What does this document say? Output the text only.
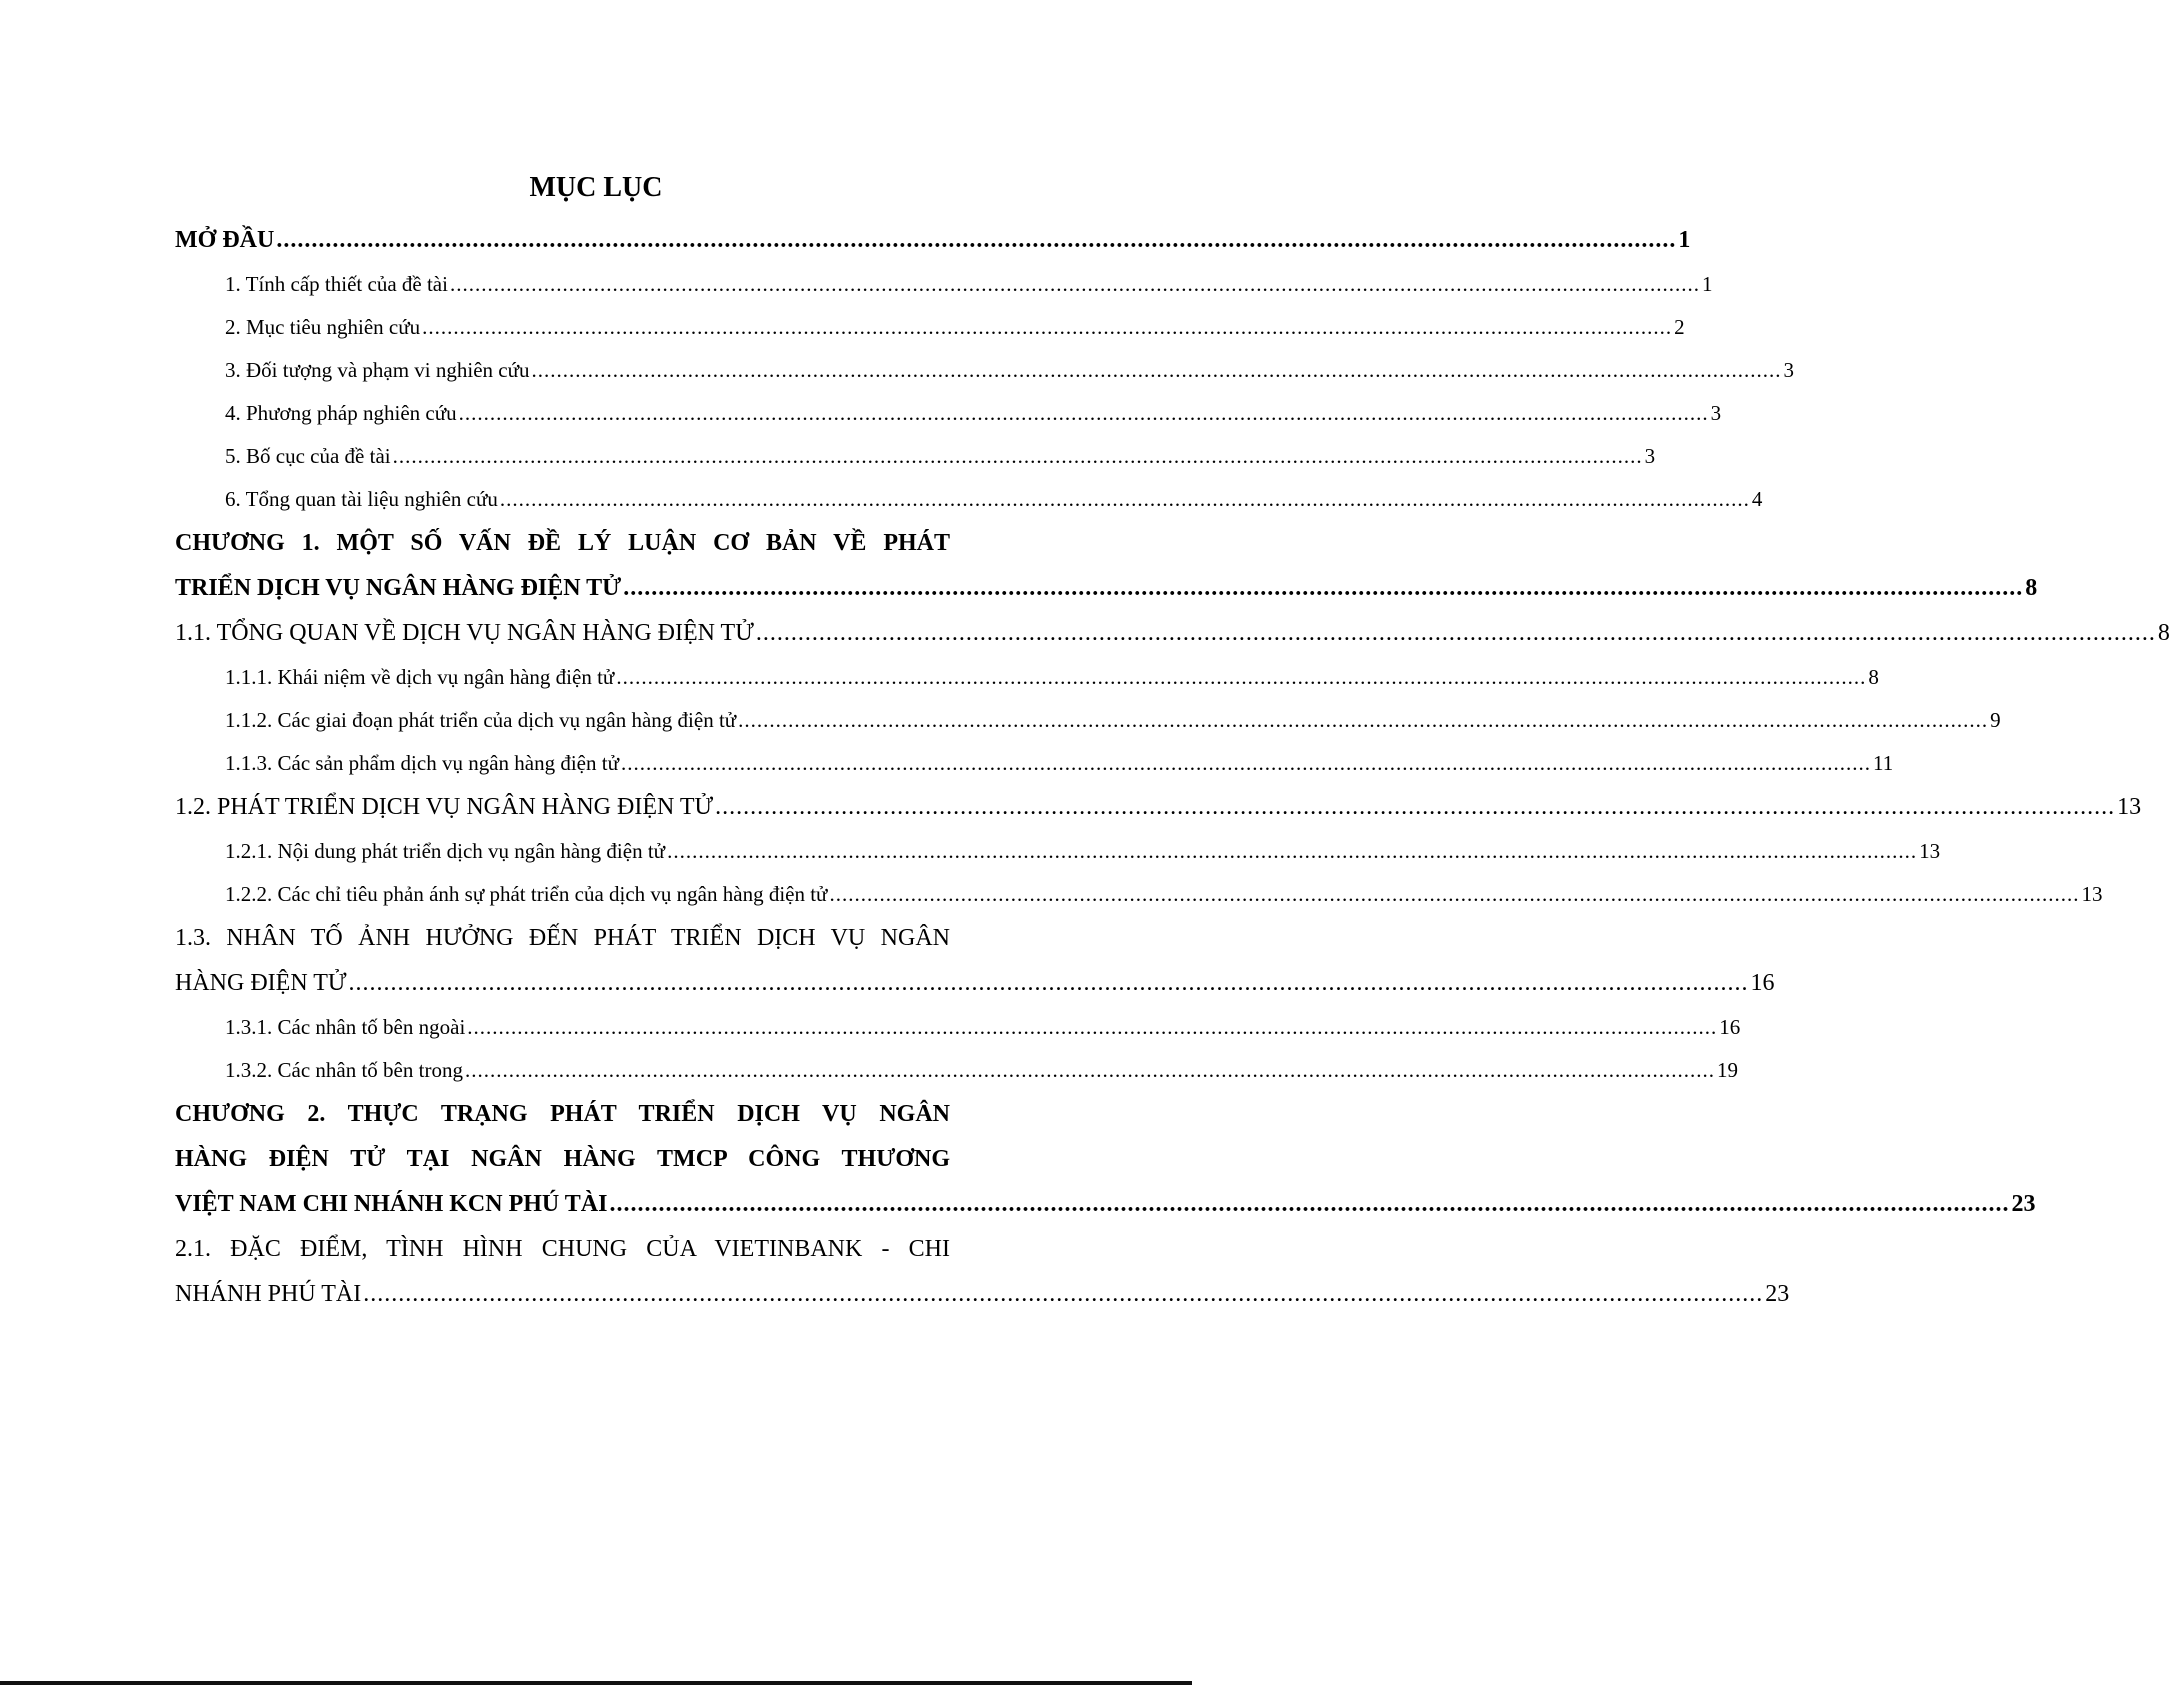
MỤC LỤC
MỞ ĐẦU ........................................................................................................................................................................................................ 1
1. Tính cấp thiết của đề tài ........................................................................................................................................................................................................ 1
2. Mục tiêu nghiên cứu ........................................................................................................................................................................................................ 2
3. Đối tượng và phạm vi nghiên cứu ........................................................................................................................................................................................................ 3
4. Phương pháp nghiên cứu ........................................................................................................................................................................................................ 3
5. Bố cục của đề tài ........................................................................................................................................................................................................ 3
6. Tổng quan tài liệu nghiên cứu ........................................................................................................................................................................................................ 4
CHƯƠNG 1. MỘT SỐ VẤN ĐỀ LÝ LUẬN CƠ BẢN VỀ PHÁT
TRIỂN DỊCH VỤ NGÂN HÀNG ĐIỆN TỬ ........................................................................................................................................................................................................ 8
1.1. TỔNG QUAN VỀ DỊCH VỤ NGÂN HÀNG ĐIỆN TỬ ........................................................................................................................................................................................................ 8
1.1.1. Khái niệm về dịch vụ ngân hàng điện tử ........................................................................................................................................................................................................ 8
1.1.2. Các giai đoạn phát triển của dịch vụ ngân hàng điện tử ........................................................................................................................................................................................................ 9
1.1.3. Các sản phẩm dịch vụ ngân hàng điện tử ........................................................................................................................................................................................................ 11
1.2. PHÁT TRIỂN DỊCH VỤ NGÂN HÀNG ĐIỆN TỬ ........................................................................................................................................................................................................ 13
1.2.1. Nội dung phát triển dịch vụ ngân hàng điện tử ........................................................................................................................................................................................................ 13
1.2.2. Các chỉ tiêu phản ánh sự phát triển của dịch vụ ngân hàng điện tử ........................................................................................................................................................................................................ 13
1.3. NHÂN TỐ ẢNH HƯỞNG ĐẾN PHÁT TRIỂN DỊCH VỤ NGÂN
HÀNG ĐIỆN TỬ ........................................................................................................................................................................................................ 16
1.3.1. Các nhân tố bên ngoài ........................................................................................................................................................................................................ 16
1.3.2. Các nhân tố bên trong ........................................................................................................................................................................................................ 19
CHƯƠNG 2. THỰC TRẠNG PHÁT TRIỂN DỊCH VỤ NGÂN
HÀNG ĐIỆN TỬ TẠI NGÂN HÀNG TMCP CÔNG THƯƠNG
VIỆT NAM CHI NHÁNH KCN PHÚ TÀI ........................................................................................................................................................................................................ 23
2.1. ĐẶC ĐIỂM, TÌNH HÌNH CHUNG CỦA VIETINBANK - CHI
NHÁNH PHÚ TÀI ........................................................................................................................................................................................................ 23
